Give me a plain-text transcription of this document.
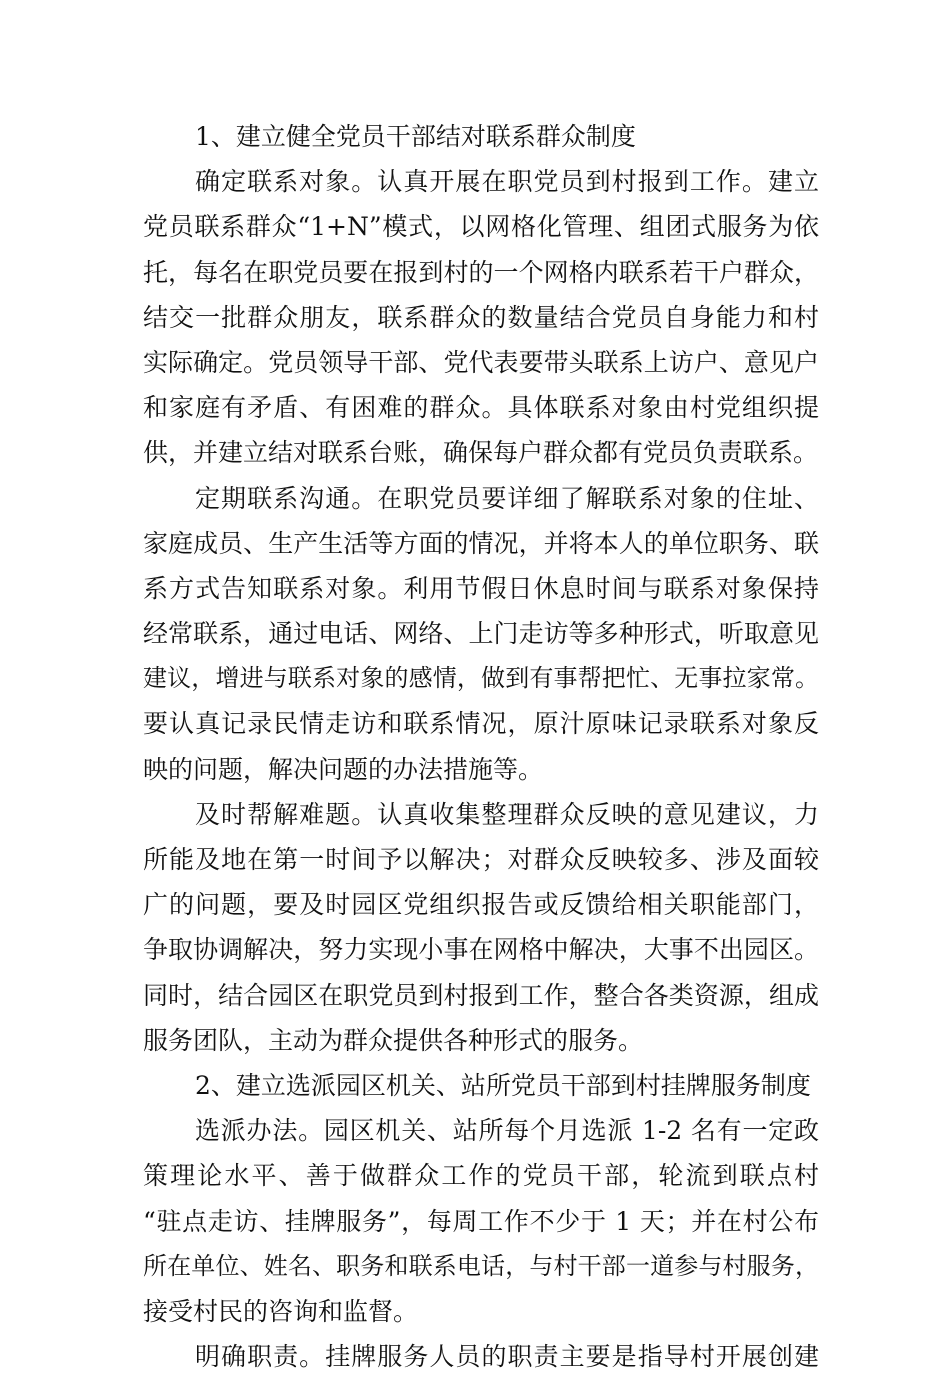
1、建立健全党员干部结对联系群众制度
确定联系对象。认真开展在职党员到村报到工作。建立
党员联系群众“1+N”模式，以网格化管理、组团式服务为依
托，每名在职党员要在报到村的一个网格内联系若干户群众，
结交一批群众朋友，联系群众的数量结合党员自身能力和村
实际确定。党员领导干部、党代表要带头联系上访户、意见户
和家庭有矛盾、有困难的群众。具体联系对象由村党组织提
供，并建立结对联系台账，确保每户群众都有党员负责联系。
定期联系沟通。在职党员要详细了解联系对象的住址、
家庭成员、生产生活等方面的情况，并将本人的单位职务、联
系方式告知联系对象。利用节假日休息时间与联系对象保持
经常联系，通过电话、网络、上门走访等多种形式，听取意见
建议，增进与联系对象的感情，做到有事帮把忙、无事拉家常。
要认真记录民情走访和联系情况，原汁原味记录联系对象反
映的问题，解决问题的办法措施等。
及时帮解难题。认真收集整理群众反映的意见建议，力
所能及地在第一时间予以解决；对群众反映较多、涉及面较
广的问题，要及时园区党组织报告或反馈给相关职能部门，
争取协调解决，努力实现小事在网格中解决，大事不出园区。
同时，结合园区在职党员到村报到工作，整合各类资源，组成
服务团队，主动为群众提供各种形式的服务。
2、建立选派园区机关、站所党员干部到村挂牌服务制度
选派办法。园区机关、站所每个月选派 1-2 名有一定政
策理论水平、善于做群众工作的党员干部，轮流到联点村
“驻点走访、挂牌服务”，每周工作不少于 1 天；并在村公布
所在单位、姓名、职务和联系电话，与村干部一道参与村服务，
接受村民的咨询和监督。
明确职责。挂牌服务人员的职责主要是指导村开展创建
